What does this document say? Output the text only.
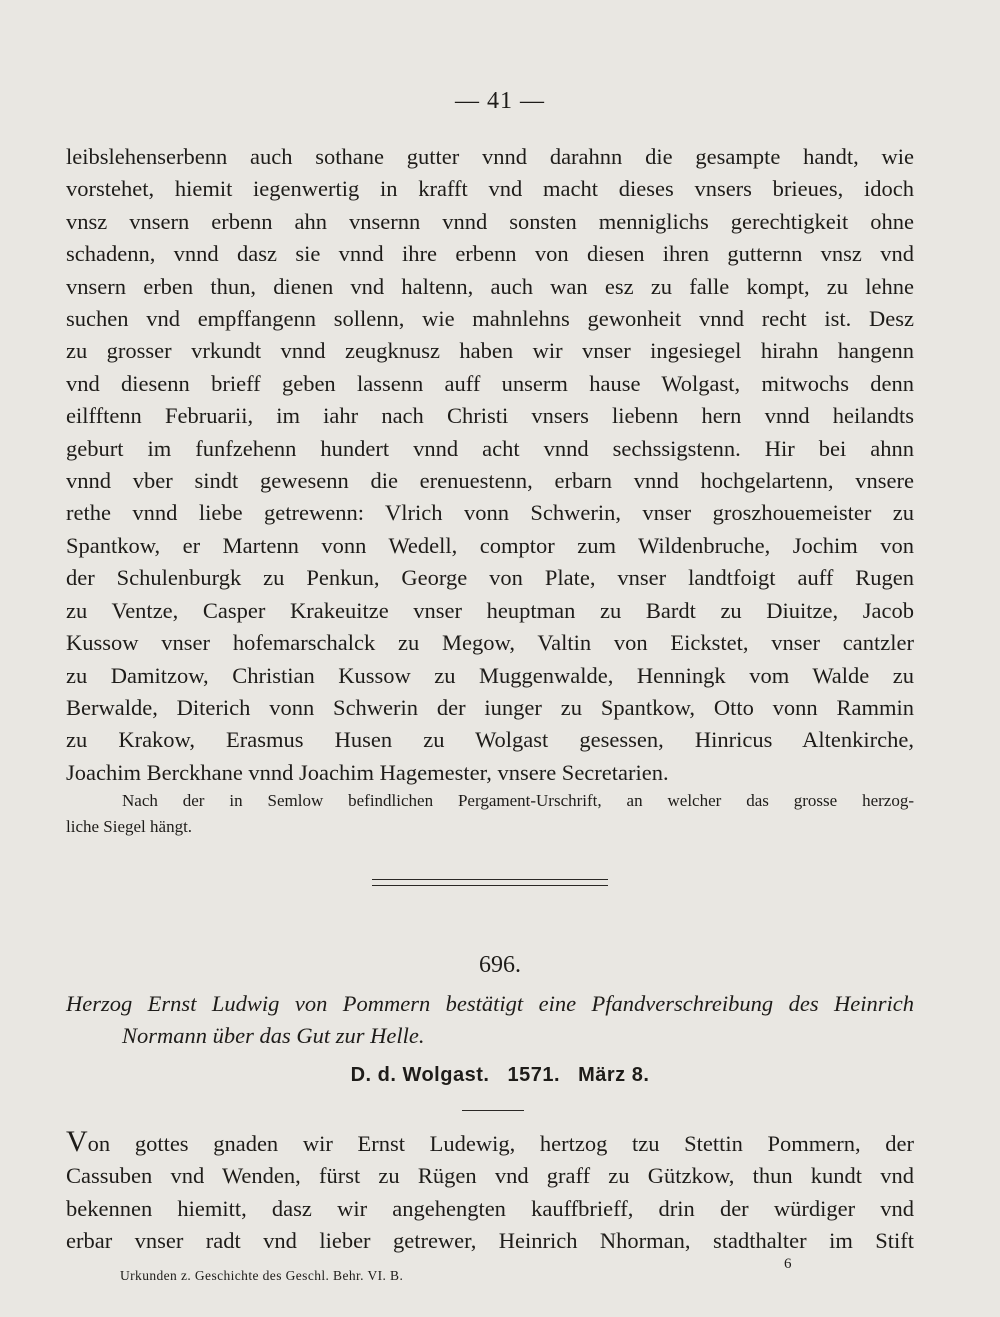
— 41 —
leibslehenserbenn auch sothane gutter vnnd darahnn die gesampte handt, wie
vorstehet, hiemit iegenwertig in krafft vnd macht dieses vnsers brieues, idoch
vnsz vnsern erbenn ahn vnsernn vnnd sonsten menniglichs gerechtigkeit ohne
schadenn, vnnd dasz sie vnnd ihre erbenn von diesen ihren gutternn vnsz vnd
vnsern erben thun, dienen vnd haltenn, auch wan esz zu falle kompt, zu lehne
suchen vnd empffangenn sollenn, wie mahnlehns gewonheit vnnd recht ist. Desz
zu grosser vrkundt vnnd zeugknusz haben wir vnser ingesiegel hirahn hangenn
vnd diesenn brieff geben lassenn auff unserm hause Wolgast, mitwochs denn
eilfftenn Februarii, im iahr nach Christi vnsers liebenn hern vnnd heilandts
geburt im funfzehenn hundert vnnd acht vnnd sechssigstenn. Hir bei ahnn
vnnd vber sindt gewesenn die erenuestenn, erbarn vnnd hochgelartenn, vnsere
rethe vnnd liebe getrewenn: Vlrich vonn Schwerin, vnser groszhouemeister zu
Spantkow, er Martenn vonn Wedell, comptor zum Wildenbruche, Jochim von
der Schulenburgk zu Penkun, George von Plate, vnser landtfoigt auff Rugen
zu Ventze, Casper Krakeuitze vnser heuptman zu Bardt zu Diuitze, Jacob
Kussow vnser hofemarschalck zu Megow, Valtin von Eickstet, vnser cantzler
zu Damitzow, Christian Kussow zu Muggenwalde, Henningk vom Walde zu
Berwalde, Diterich vonn Schwerin der iunger zu Spantkow, Otto vonn Rammin
zu Krakow, Erasmus Husen zu Wolgast gesessen, Hinricus Altenkirche,
Joachim Berckhane vnnd Joachim Hagemester, vnsere Secretarien.
Nach der in Semlow befindlichen Pergament-Urschrift, an welcher das grosse herzog-
liche Siegel hängt.
696.
Herzog Ernst Ludwig von Pommern bestätigt eine Pfandverschreibung des Heinrich
Normann über das Gut zur Helle.
D. d. Wolgast. 1571. März 8.
Von gottes gnaden wir Ernst Ludewig, hertzog tzu Stettin Pommern, der
Cassuben vnd Wenden, fürst zu Rügen vnd graff zu Gützkow, thun kundt vnd
bekennen hiemitt, dasz wir angehengten kauffbrieff, drin der würdiger vnd
erbar vnser radt vnd lieber getrewer, Heinrich Nhorman, stadthalter im Stift
Urkunden z. Geschichte des Geschl. Behr. VI. B.
6
